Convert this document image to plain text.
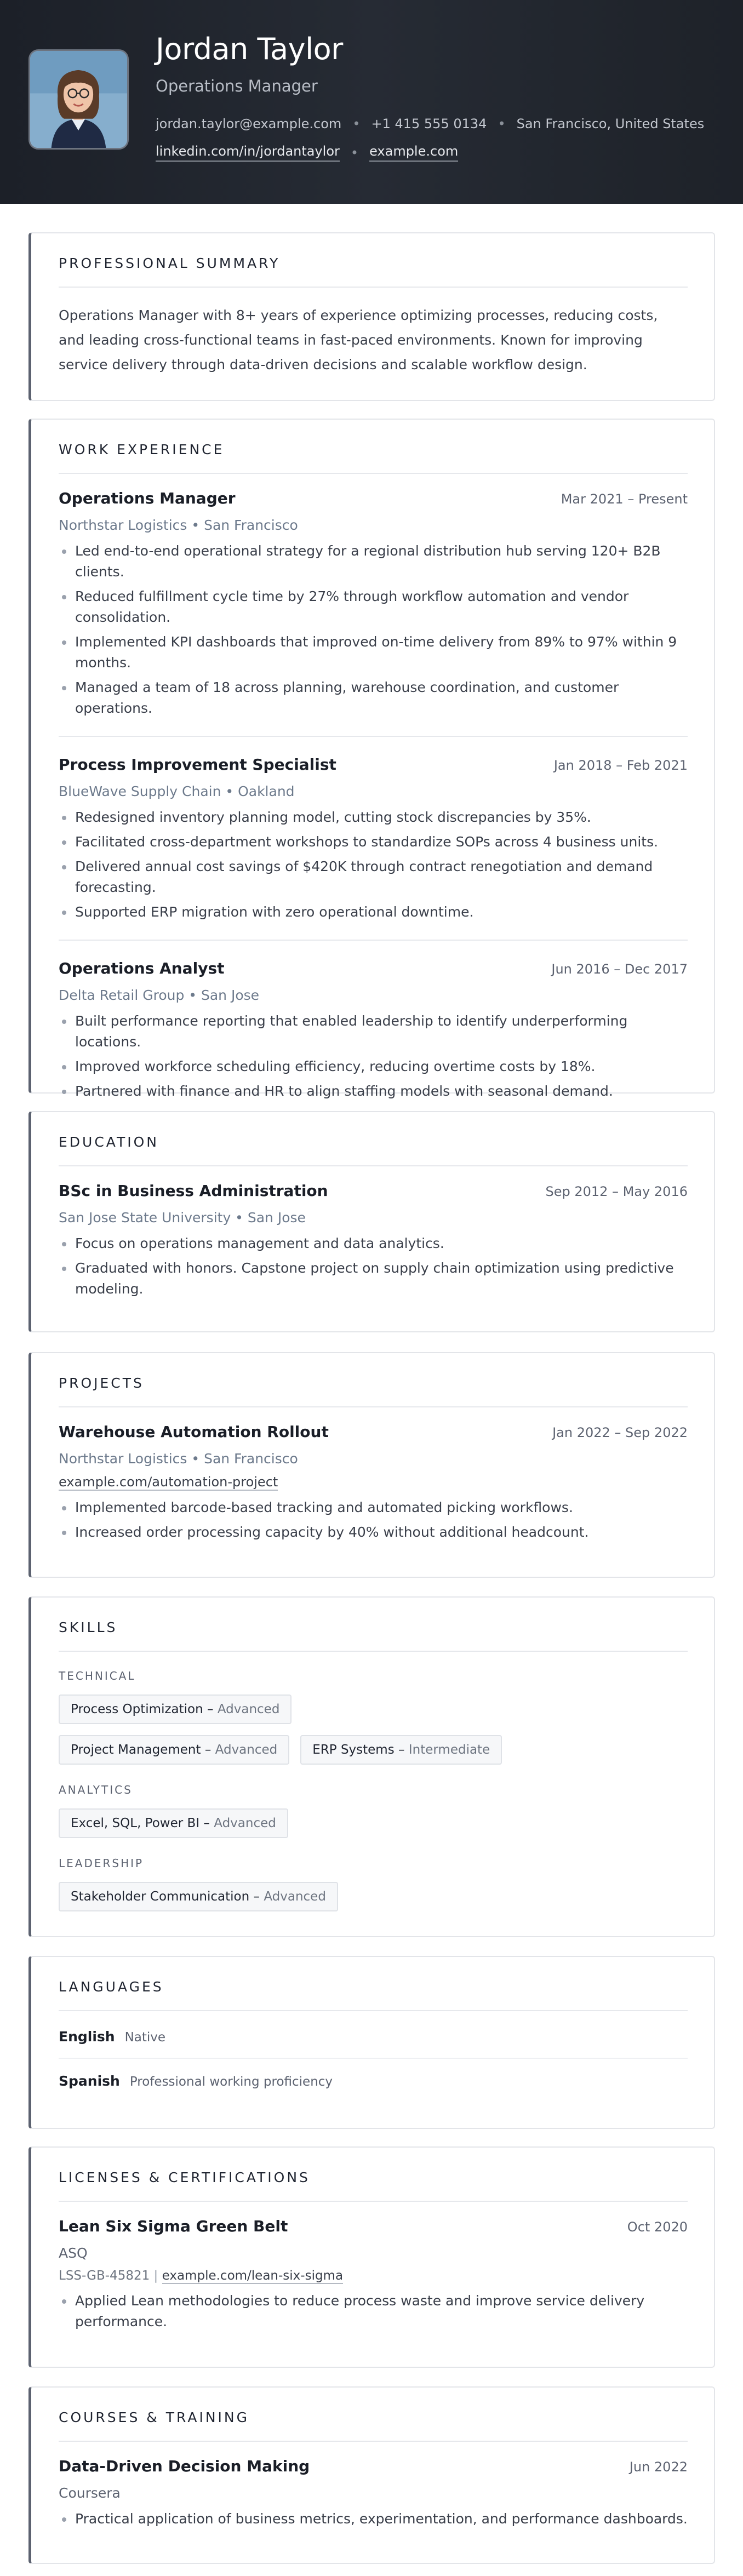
Jordan Taylor
Operations Manager
jordan.taylor@example.com • +1 415 555 0134 • San Francisco, United States
linkedin.com/in/jordantaylor • example.com
PROFESSIONAL SUMMARY
Operations Manager with 8+ years of experience optimizing processes, reducing costs, and leading cross-functional teams in fast-paced environments. Known for improving service delivery through data-driven decisions and scalable workflow design.
WORK EXPERIENCE
Operations Manager	Mar 2021 – Present
Northstar Logistics • San Francisco
Led end-to-end operational strategy for a regional distribution hub serving 120+ B2B clients.
Reduced fulfillment cycle time by 27% through workflow automation and vendor consolidation.
Implemented KPI dashboards that improved on-time delivery from 89% to 97% within 9 months.
Managed a team of 18 across planning, warehouse coordination, and customer operations.
Process Improvement Specialist	Jan 2018 – Feb 2021
BlueWave Supply Chain • Oakland
Redesigned inventory planning model, cutting stock discrepancies by 35%.
Facilitated cross-department workshops to standardize SOPs across 4 business units.
Delivered annual cost savings of $420K through contract renegotiation and demand forecasting.
Supported ERP migration with zero operational downtime.
Operations Analyst	Jun 2016 – Dec 2017
Delta Retail Group • San Jose
Built performance reporting that enabled leadership to identify underperforming locations.
Improved workforce scheduling efficiency, reducing overtime costs by 18%.
Partnered with finance and HR to align staffing models with seasonal demand.
EDUCATION
BSc in Business Administration	Sep 2012 – May 2016
San Jose State University • San Jose
Focus on operations management and data analytics.
Graduated with honors. Capstone project on supply chain optimization using predictive modeling.
PROJECTS
Warehouse Automation Rollout	Jan 2022 – Sep 2022
Northstar Logistics • San Francisco
example.com/automation-project
Implemented barcode-based tracking and automated picking workflows.
Increased order processing capacity by 40% without additional headcount.
SKILLS
TECHNICAL
Process Optimization – Advanced
Project Management – Advanced	ERP Systems – Intermediate
ANALYTICS
Excel, SQL, Power BI – Advanced
LEADERSHIP
Stakeholder Communication – Advanced
LANGUAGES
English Native
Spanish Professional working proficiency
LICENSES & CERTIFICATIONS
Lean Six Sigma Green Belt	Oct 2020
ASQ
LSS-GB-45821 | example.com/lean-six-sigma
Applied Lean methodologies to reduce process waste and improve service delivery performance.
COURSES & TRAINING
Data-Driven Decision Making	Jun 2022
Coursera
Practical application of business metrics, experimentation, and performance dashboards.
